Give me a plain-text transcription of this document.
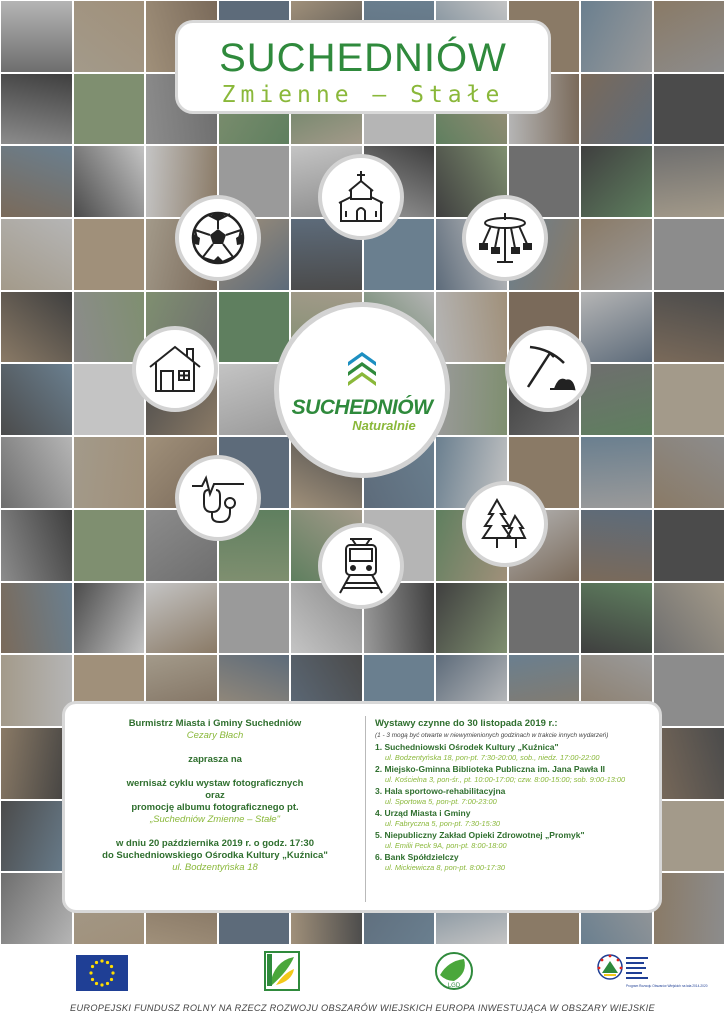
SUCHEDNIÓW
Zmienne – Stałe
SUCHEDNIÓW
Naturalnie
Burmistrz Miasta i Gminy Suchedniów
Cezary Błach
zaprasza na
wernisaż cyklu wystaw fotograficznych
oraz
promocję albumu fotograficznego pt.
„Suchedniów Zmienne – Stałe"
w dniu 20 października 2019 r. o godz. 17:30
do Suchedniowskiego Ośrodka Kultury „Kuźnica"
ul. Bodzentyńska 18
Wystawy czynne do 30 listopada 2019 r.:
(1 - 3 mogą być otwarte w niewymienionych godzinach w trakcie innych wydarzeń)
1. Suchedniowski Ośrodek Kultury „Kuźnica"
ul. Bodzentyńska 18, pon-pt. 7:30-20:00, sob., niedz. 17:00-22:00
2. Miejsko-Gminna Biblioteka Publiczna im. Jana Pawła II
ul. Kościelna 3, pon-śr., pt. 10:00-17:00; czw. 8:00-15:00; sob. 9:00-13:00
3. Hala sportowo-rehabilitacyjna
ul. Sportowa 5, pon-pt. 7:00-23:00
4. Urząd Miasta i Gminy
ul. Fabryczna 5, pon-pt. 7:30-15:30
5. Niepubliczny Zakład Opieki Zdrowotnej „Promyk"
ul. Emilii Peck 9A, pon-pt. 8:00-18:00
6. Bank Spółdzielczy
ul. Mickiewicza 8, pon-pt. 8:00-17:30
LGD	Program Rozwoju Obszarów Wiejskich na lata 2014-2020
EUROPEJSKI FUNDUSZ ROLNY NA RZECZ ROZWOJU OBSZARÓW WIEJSKICH EUROPA INWESTUJĄCA W OBSZARY WIEJSKIE
